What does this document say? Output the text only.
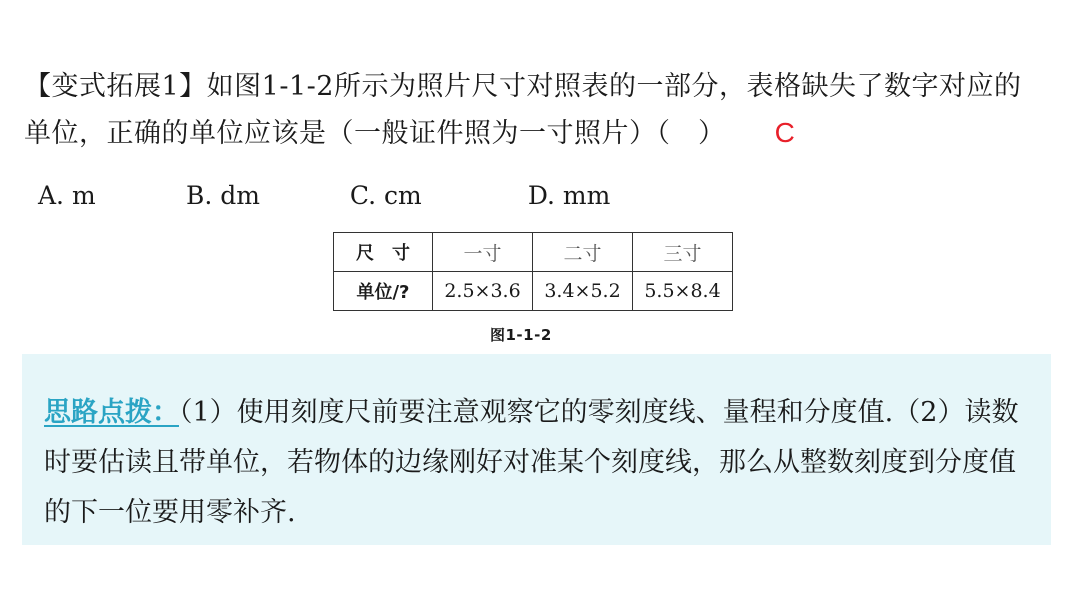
【变式拓展1】如图1-1-2所示为照片尺寸对照表的一部分，表格缺失了数字对应的单位，正确的单位应该是（一般证件照为一寸照片）（　） C
A. m	B. dm	C. cm	D. mm
尺　寸	一寸	二寸	三寸
单位/?	2.5×3.6	3.4×5.2	5.5×8.4
图1-1-2
思路点拨：（1）使用刻度尺前要注意观察它的零刻度线、量程和分度值.（2）读数时要估读且带单位，若物体的边缘刚好对准某个刻度线，那么从整数刻度到分度值的下一位要用零补齐.
